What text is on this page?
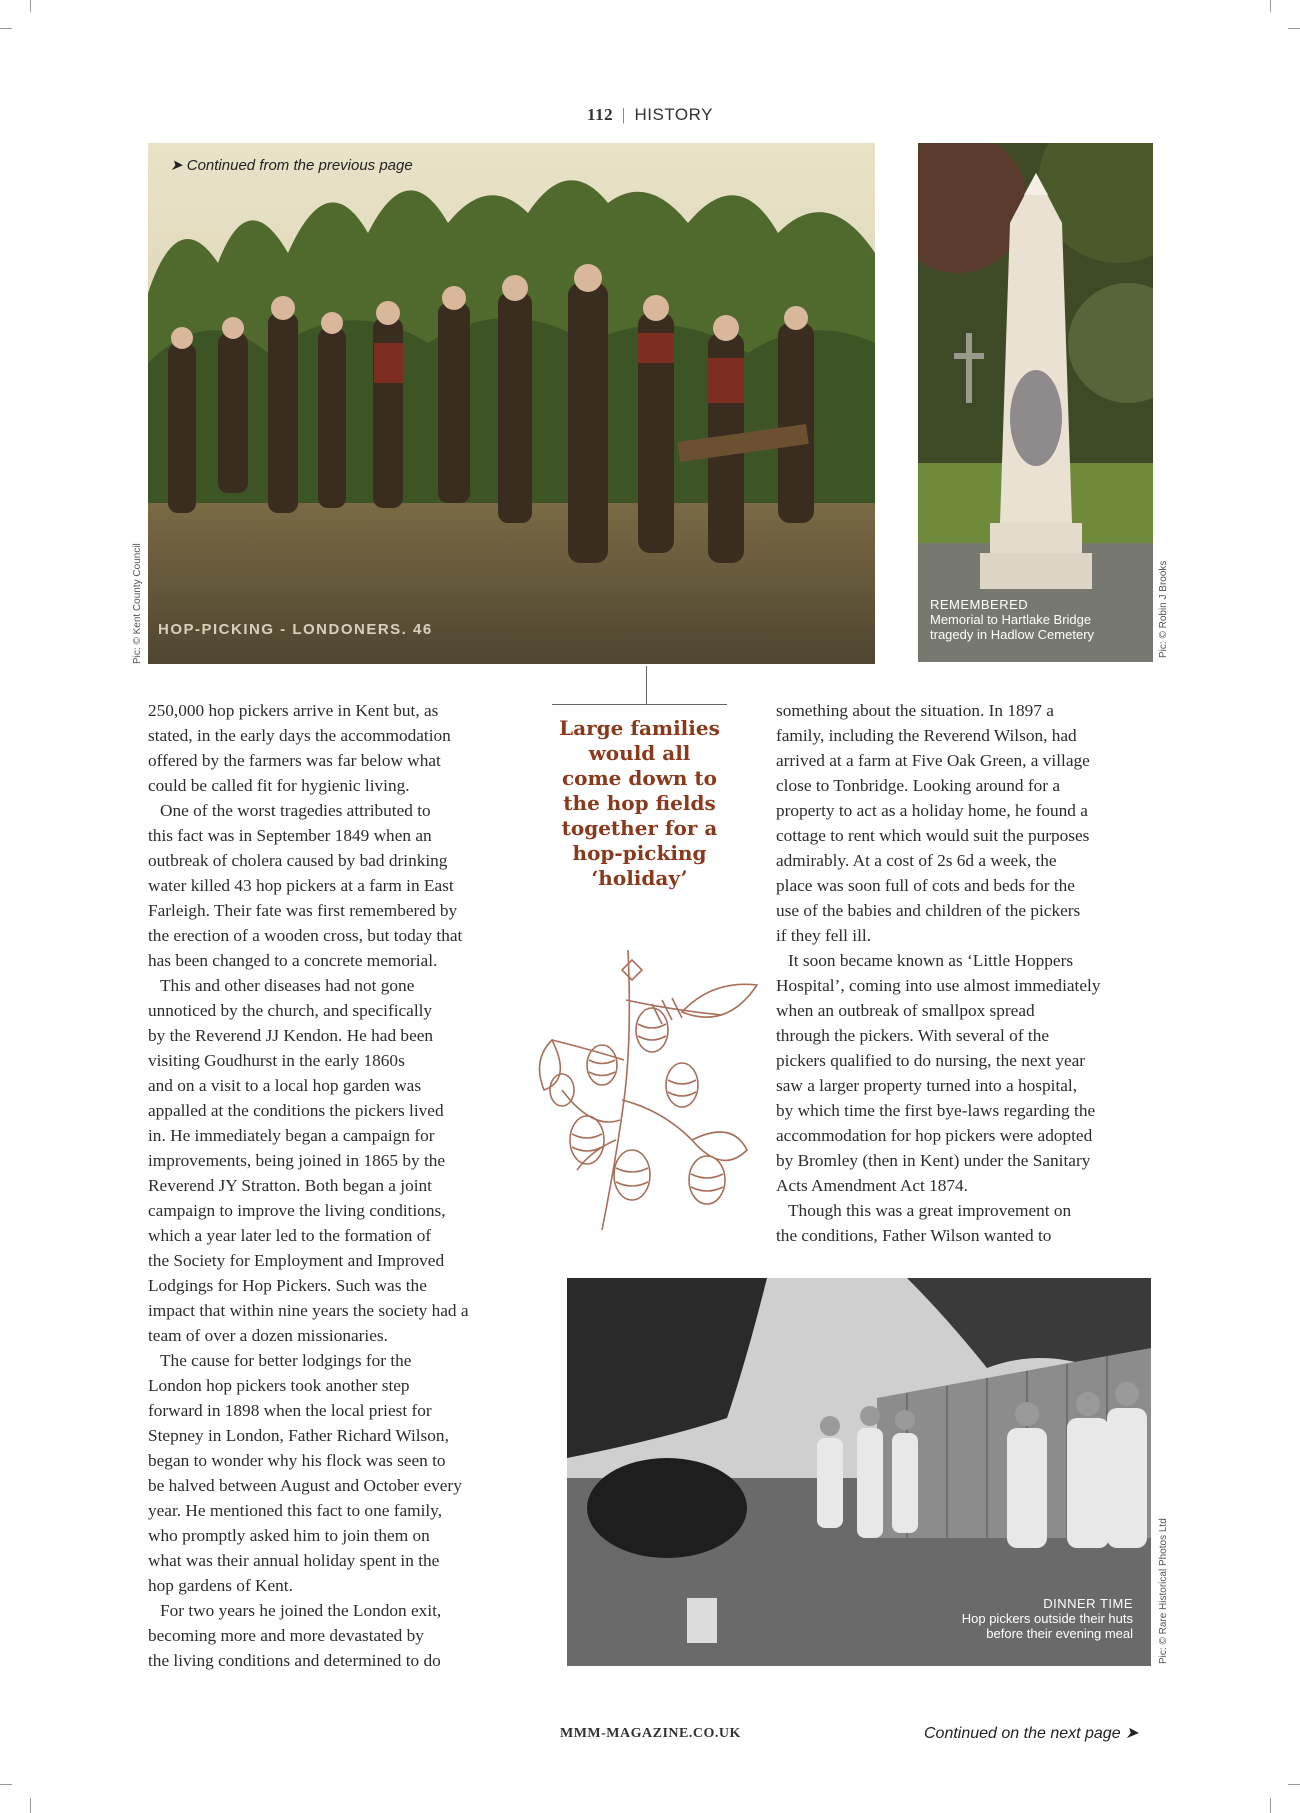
112 | HISTORY
➤ Continued from the previous page
HOP-PICKING - LONDONERS. 46
Pic: © Kent County Council	REMEMBERED
Memorial to Hartlake Bridge
tragedy in Hadlow Cemetery	Pic: © Robin J Brooks

250,000 hop pickers arrive in Kent but, as

stated, in the early days the accommodation

offered by the farmers was far below what

could be called fit for hygienic living.

One of the worst tragedies attributed to

this fact was in September 1849 when an

outbreak of cholera caused by bad drinking

water killed 43 hop pickers at a farm in East

Farleigh. Their fate was first remembered by

the erection of a wooden cross, but today that

has been changed to a concrete memorial.

This and other diseases had not gone

unnoticed by the church, and specifically

by the Reverend JJ Kendon. He had been

visiting Goudhurst in the early 1860s

and on a visit to a local hop garden was

appalled at the conditions the pickers lived

in. He immediately began a campaign for

improvements, being joined in 1865 by the

Reverend JY Stratton. Both began a joint

campaign to improve the living conditions,

which a year later led to the formation of

the Society for Employment and Improved

Lodgings for Hop Pickers. Such was the

impact that within nine years the society had a

team of over a dozen missionaries.

The cause for better lodgings for the

London hop pickers took another step

forward in 1898 when the local priest for

Stepney in London, Father Richard Wilson,

began to wonder why his flock was seen to

be halved between August and October every

year. He mentioned this fact to one family,

who promptly asked him to join them on

what was their annual holiday spent in the

hop gardens of Kent.

For two years he joined the London exit,

becoming more and more devastated by

the living conditions and determined to do

Large families
would all
come down to
the hop fields
together for a
hop-picking
‘holiday’

something about the situation. In 1897 a

family, including the Reverend Wilson, had

arrived at a farm at Five Oak Green, a village

close to Tonbridge. Looking around for a

property to act as a holiday home, he found a

cottage to rent which would suit the purposes

admirably. At a cost of 2s 6d a week, the

place was soon full of cots and beds for the

use of the babies and children of the pickers

if they fell ill.

It soon became known as ‘Little Hoppers

Hospital’, coming into use almost immediately

when an outbreak of smallpox spread

through the pickers. With several of the

pickers qualified to do nursing, the next year

saw a larger property turned into a hospital,

by which time the first bye-laws regarding the

accommodation for hop pickers were adopted

by Bromley (then in Kent) under the Sanitary

Acts Amendment Act 1874.

Though this was a great improvement on

the conditions, Father Wilson wanted to

DINNER TIME
Hop pickers outside their huts
before their evening meal	Pic: © Rare Historical Photos Ltd
MMM-MAGAZINE.CO.UK	Continued on the next page ➤
